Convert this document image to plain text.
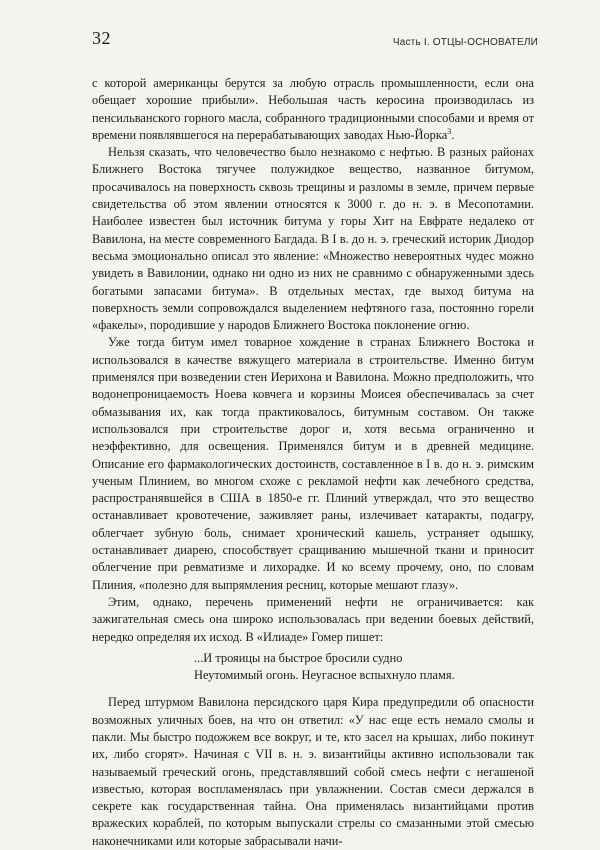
32	Часть I. ОТЦЫ-ОСНОВАТЕЛИ

с которой американцы берутся за любую отрасль промышленности, если она обещает хорошие прибыли». Небольшая часть керосина производилась из пенсильванского горного масла, собранного традиционными способами и время от времени появлявшегося на перерабатывающих заводах Нью-Йорка$^3$.

Нельзя сказать, что человечество было незнакомо с нефтью. В разных районах Ближнего Востока тягучее полужидкое вещество, названное битумом, просачивалось на поверхность сквозь трещины и разломы в земле, причем первые свидетельства об этом явлении относятся к 3000 г. до н. э. в Месопотамии. Наиболее известен был источник битума у горы Хит на Евфрате недалеко от Вавилона, на месте современного Багдада. В I в. до н. э. греческий историк Диодор весьма эмоционально описал это явление: «Множество невероятных чудес можно увидеть в Вавилонии, однако ни одно из них не сравнимо с обнаруженными здесь богатыми запасами битума». В отдельных местах, где выход битума на поверхность земли сопровождался выделением нефтяного газа, постоянно горели «факелы», породившие у народов Ближнего Востока поклонение огню.

Уже тогда битум имел товарное хождение в странах Ближнего Востока и использовался в качестве вяжущего материала в строительстве. Именно битум применялся при возведении стен Иерихона и Вавилона. Можно предположить, что водонепроницаемость Ноева ковчега и корзины Моисея обеспечивалась за счет обмазывания их, как тогда практиковалось, битумным составом. Он также использовался при строительстве дорог и, хотя весьма ограниченно и неэффективно, для освещения. Применялся битум и в древней медицине. Описание его фармакологических достоинств, составленное в I в. до н. э. римским ученым Плинием, во многом схоже с рекламой нефти как лечебного средства, распространявшейся в США в 1850-е гг. Плиний утверждал, что это вещество останавливает кровотечение, заживляет раны, излечивает катаракты, подагру, облегчает зубную боль, снимает хронический кашель, устраняет одышку, останавливает диарею, способствует сращиванию мышечной ткани и приносит облегчение при ревматизме и лихорадке. И ко всему прочему, оно, по словам Плиния, «полезно для выпрямления ресниц, которые мешают глазу».

Этим, однако, перечень применений нефти не ограничивается: как зажигательная смесь она широко использовалась при ведении боевых действий, нередко определяя их исход. В «Илиаде» Гомер пишет:

...И трояицы на быстрое бросили судно
Неутомимый огонь. Неугасное вспыхнуло пламя.

Перед штурмом Вавилона персидского царя Кира предупредили об опасности возможных уличных боев, на что он ответил: «У нас еще есть немало смолы и пакли. Мы быстро подожжем все вокруг, и те, кто засел на крышах, либо покинут их, либо сгорят». Начиная с VII в. н. э. византийцы активно использовали так называемый греческий огонь, представлявший собой смесь нефти с негашеной известью, которая воспламенялась при увлажнении. Состав смеси держался в секрете как государственная тайна. Она применялась византийцами против вражеских кораблей, по которым выпускали стрелы со смазанными этой смесью наконечниками или которые забрасывали начи-
